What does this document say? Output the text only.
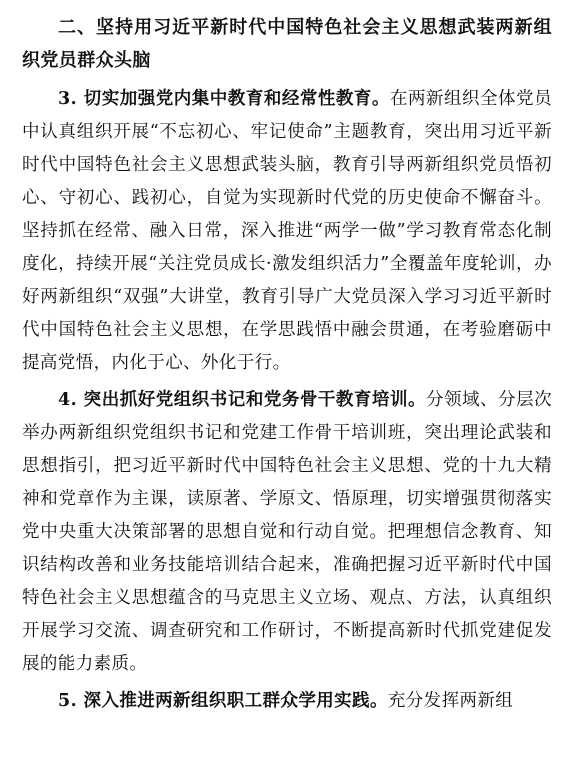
二、坚持用习近平新时代中国特色社会主义思想武装两新组织党员群众头脑

3. 切实加强党内集中教育和经常性教育。在两新组织全体党员中认真组织开展“不忘初心、牢记使命”主题教育，突出用习近平新时代中国特色社会主义思想武装头脑，教育引导两新组织党员悟初心、守初心、践初心，自觉为实现新时代党的历史使命不懈奋斗。坚持抓在经常、融入日常，深入推进“两学一做”学习教育常态化制度化，持续开展“关注党员成长·激发组织活力”全覆盖年度轮训，办好两新组织“双强”大讲堂，教育引导广大党员深入学习习近平新时代中国特色社会主义思想，在学思践悟中融会贯通，在考验磨砺中提高党悟，内化于心、外化于行。

4. 突出抓好党组织书记和党务骨干教育培训。分领域、分层次举办两新组织党组织书记和党建工作骨干培训班，突出理论武装和思想指引，把习近平新时代中国特色社会主义思想、党的十九大精神和党章作为主课，读原著、学原文、悟原理，切实增强贯彻落实党中央重大决策部署的思想自觉和行动自觉。把理想信念教育、知识结构改善和业务技能培训结合起来，准确把握习近平新时代中国特色社会主义思想蕴含的马克思主义立场、观点、方法，认真组织开展学习交流、调查研究和工作研讨，不断提高新时代抓党建促发展的能力素质。

5. 深入推进两新组织职工群众学用实践。充分发挥两新组
